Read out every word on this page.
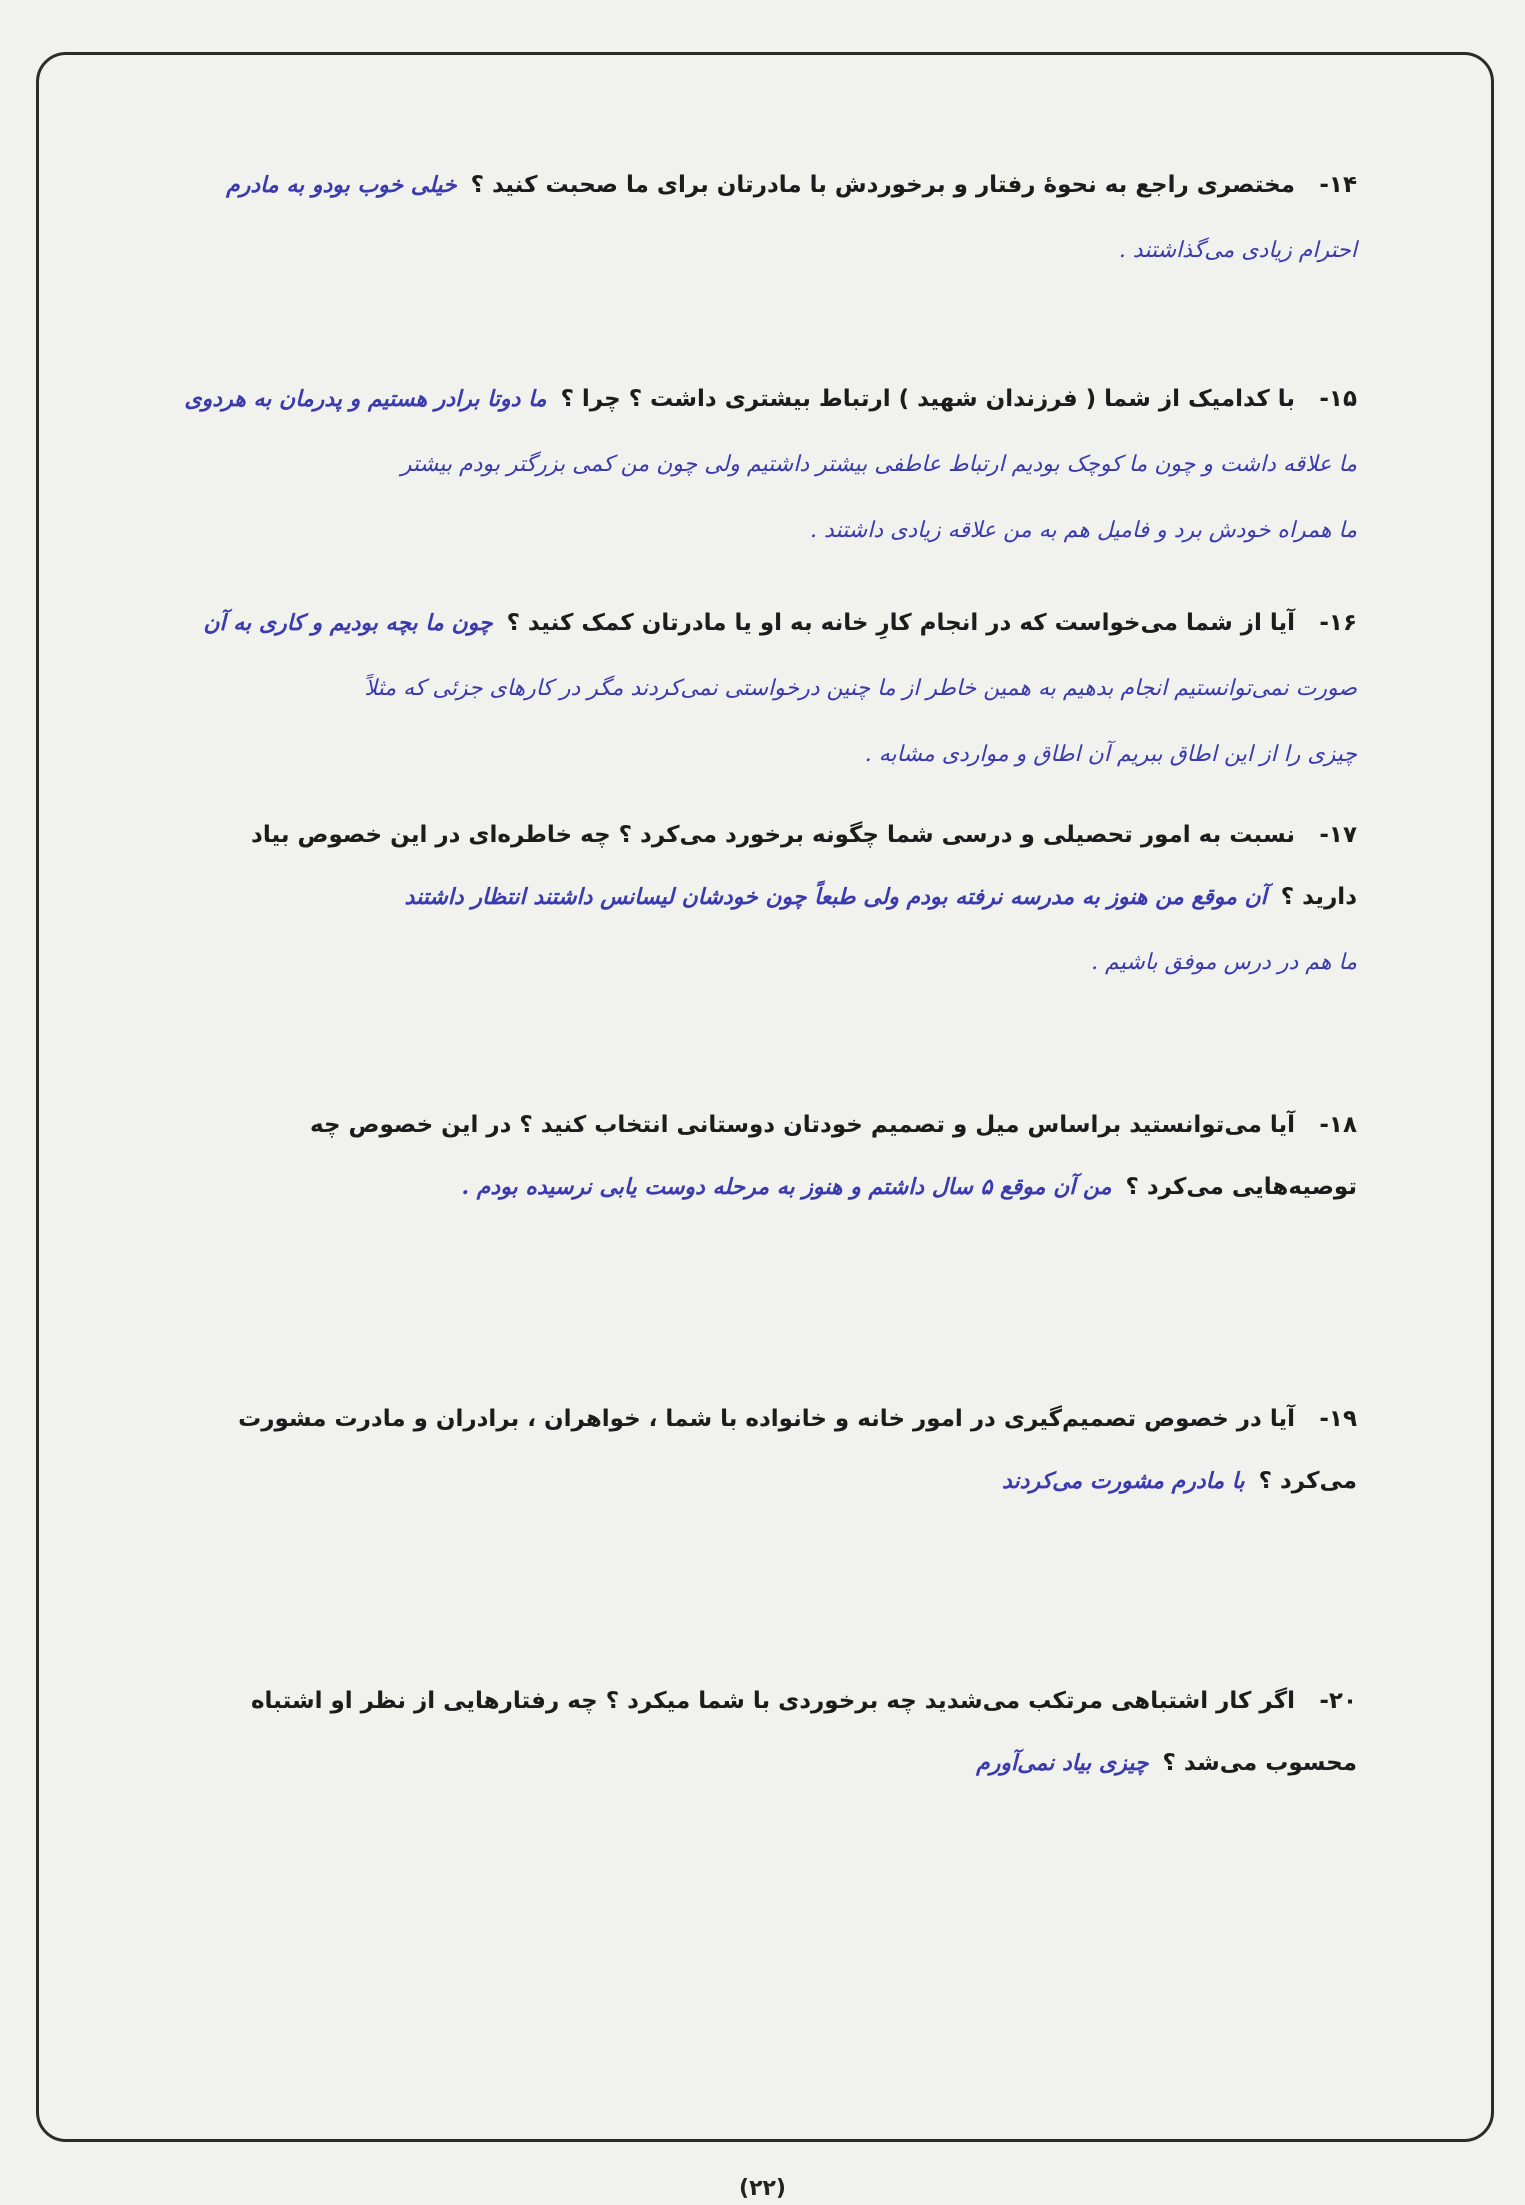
۱۴-مختصری راجع به نحوهٔ رفتار و برخوردش با مادرتان برای ما صحبت کنید ؟خیلی خوب بودو به مادرم
احترام زیادی می‌گذاشتند .
۱۵-با کدامیک از شما ( فرزندان شهید ) ارتباط بیشتری داشت ؟ چرا ؟ما دوتا برادر هستیم و پدرمان به هردوی
ما علاقه داشت و چون ما کوچک بودیم ارتباط عاطفی بیشتر داشتیم ولی چون من کمی بزرگتر بودم بیشتر
ما همراه خودش برد و فامیل هم به من علاقه زیادی داشتند .
۱۶-آیا از شما می‌خواست که در انجام کارِ خانه به او یا مادرتان کمک کنید ؟چون ما بچه بودیم و کاری به آن
صورت نمی‌توانستیم انجام بدهیم به همین خاطر از ما چنین درخواستی نمی‌کردند مگر در کارهای جزئی که مثلاً
چیزی را از این اطاق ببریم آن اطاق و مواردی مشابه .
۱۷-نسبت به امور تحصیلی و درسی شما چگونه برخورد می‌کرد ؟ چه خاطره‌ای در این خصوص بیاد
دارید ؟آن موقع من هنوز به مدرسه نرفته بودم ولی طبعاً چون خودشان لیسانس داشتند انتظار داشتند
ما هم در درس موفق باشیم .
۱۸-آیا می‌توانستید براساس میل و تصمیم خودتان دوستانی انتخاب کنید ؟ در این خصوص چه
توصیه‌هایی می‌کرد ؟من آن موقع ۵ سال داشتم و هنوز به مرحله دوست یابی نرسیده بودم .
۱۹-آیا در خصوص تصمیم‌گیری در امور خانه و خانواده با شما ، خواهران ، برادران و مادرت مشورت
می‌کرد ؟با مادرم مشورت می‌کردند
۲۰-اگر کار اشتباهی مرتکب می‌شدید چه برخوردی با شما میکرد ؟ چه رفتارهایی از نظر او اشتباه
محسوب می‌شد ؟چیزی بیاد نمی‌آورم
(۲۲)
